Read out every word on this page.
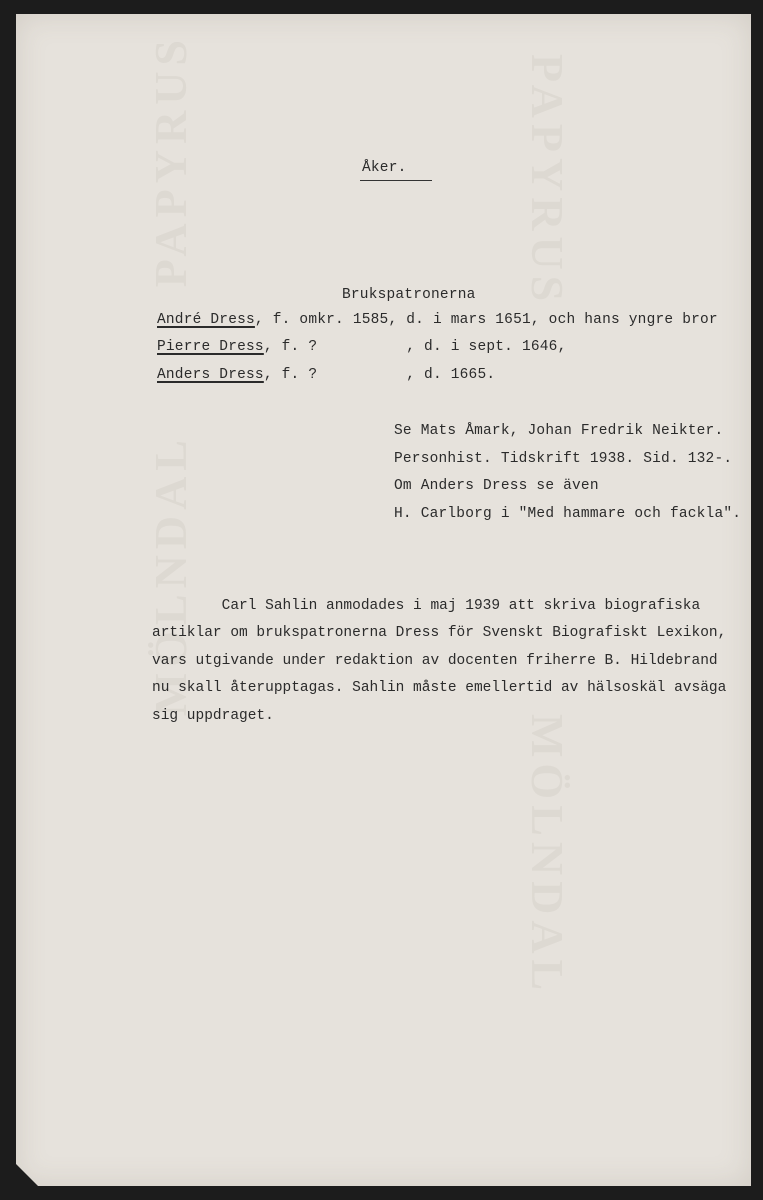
PAPYRUS
MÖLNDAL
PAPYRUS
MÖLNDAL

Åker.

Brukspatronerna

André Dress, f. omkr. 1585, d. i mars 1651, och hans yngre bror

Pierre Dress, f. ?          , d. i sept. 1646,

Anders Dress, f. ?          , d. 1665.

Se Mats Åmark, Johan Fredrik Neikter.

Personhist. Tidskrift 1938. Sid. 132-.

Om Anders Dress se även

H. Carlborg i "Med hammare och fackla".

Carl Sahlin anmodades i maj 1939 att skriva biografiska

artiklar om brukspatronerna Dress för Svenskt Biografiskt Lexikon,

vars utgivande under redaktion av docenten friherre B. Hildebrand

nu skall återupptagas. Sahlin måste emellertid av hälsoskäl avsäga

sig uppdraget.
